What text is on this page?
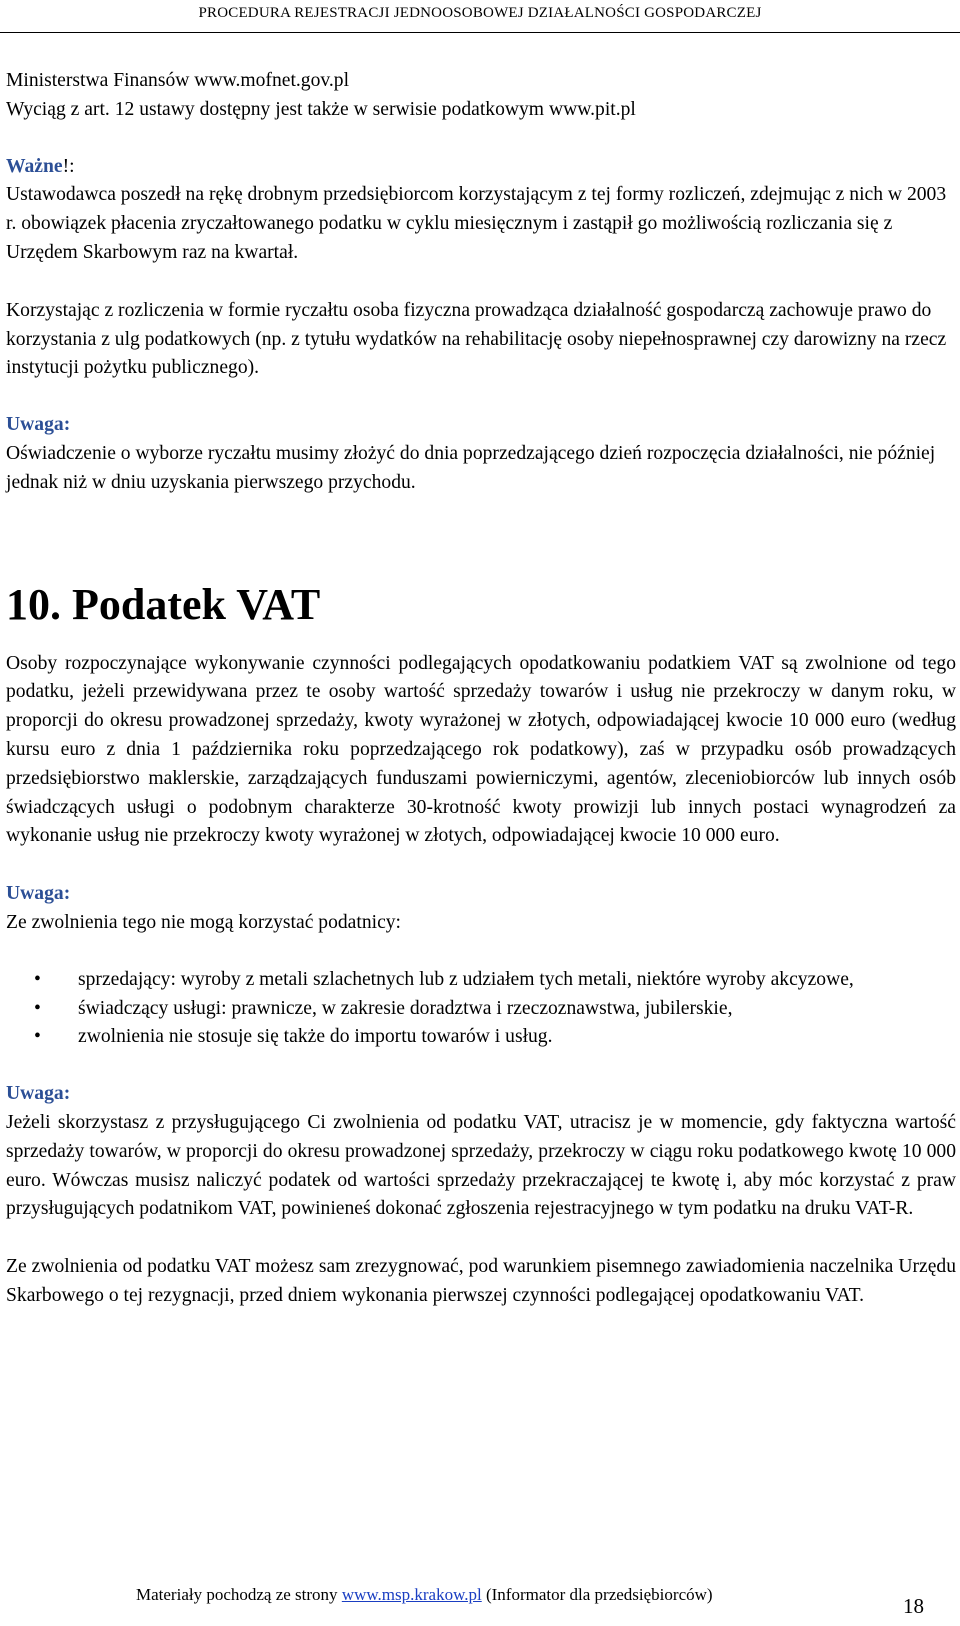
PROCEDURA REJESTRACJI JEDNOOSOBOWEJ DZIAŁALNOŚCI GOSPODARCZEJ

Ministerstwa Finansów www.mofnet.gov.pl

Wyciąg z art. 12 ustawy dostępny jest także w serwisie podatkowym www.pit.pl

Ważne!:

Ustawodawca poszedł na rękę drobnym przedsiębiorcom korzystającym z tej formy rozliczeń, zdejmując z nich w 2003 r. obowiązek płacenia zryczałtowanego podatku w cyklu miesięcznym i zastąpił go możliwością rozliczania się z Urzędem Skarbowym raz na kwartał.

Korzystając z rozliczenia w formie ryczałtu osoba fizyczna prowadząca działalność gospodarczą zachowuje prawo do korzystania z ulg podatkowych (np. z tytułu wydatków na rehabilitację osoby niepełnosprawnej czy darowizny na rzecz instytucji pożytku publicznego).

Uwaga:

Oświadczenie o wyborze ryczałtu musimy złożyć do dnia poprzedzającego dzień rozpoczęcia działalności, nie później jednak niż w dniu uzyskania pierwszego przychodu.

10. Podatek VAT

Osoby rozpoczynające wykonywanie czynności podlegających opodatkowaniu podatkiem VAT są zwolnione od tego podatku, jeżeli przewidywana przez te osoby wartość sprzedaży towarów i usług nie przekroczy w danym roku, w proporcji do okresu prowadzonej sprzedaży, kwoty wyrażonej w złotych, odpowiadającej kwocie 10 000 euro (według kursu euro z dnia 1 października roku poprzedzającego rok podatkowy), zaś w przypadku osób prowadzących przedsiębiorstwo maklerskie, zarządzających funduszami powierniczymi, agentów, zleceniobiorców lub innych osób świadczących usługi o podobnym charakterze 30-krotność kwoty prowizji lub innych postaci wynagrodzeń za wykonanie usług nie przekroczy kwoty wyrażonej w złotych, odpowiadającej kwocie 10 000 euro.

Uwaga:

Ze zwolnienia tego nie mogą korzystać podatnicy:

•	sprzedający: wyroby z metali szlachetnych lub z udziałem tych metali, niektóre wyroby akcyzowe,
•	świadczący usługi: prawnicze, w zakresie doradztwa i rzeczoznawstwa, jubilerskie,
•	zwolnienia nie stosuje się także do importu towarów i usług.

Uwaga:

Jeżeli skorzystasz z przysługującego Ci zwolnienia od podatku VAT, utracisz je w momencie, gdy faktyczna wartość sprzedaży towarów, w proporcji do okresu prowadzonej sprzedaży, przekroczy w ciągu roku podatkowego kwotę 10 000 euro. Wówczas musisz naliczyć podatek od wartości sprzedaży przekraczającej te kwotę i, aby móc korzystać z praw przysługujących podatnikom VAT, powinieneś dokonać zgłoszenia rejestracyjnego w tym podatku na druku VAT-R.

Ze zwolnienia od podatku VAT możesz sam zrezygnować, pod warunkiem pisemnego zawiadomienia naczelnika Urzędu Skarbowego o tej rezygnacji, przed dniem wykonania pierwszej czynności podlegającej opodatkowaniu VAT.

Materiały pochodzą ze strony www.msp.krakow.pl (Informator dla przedsiębiorców)	18
